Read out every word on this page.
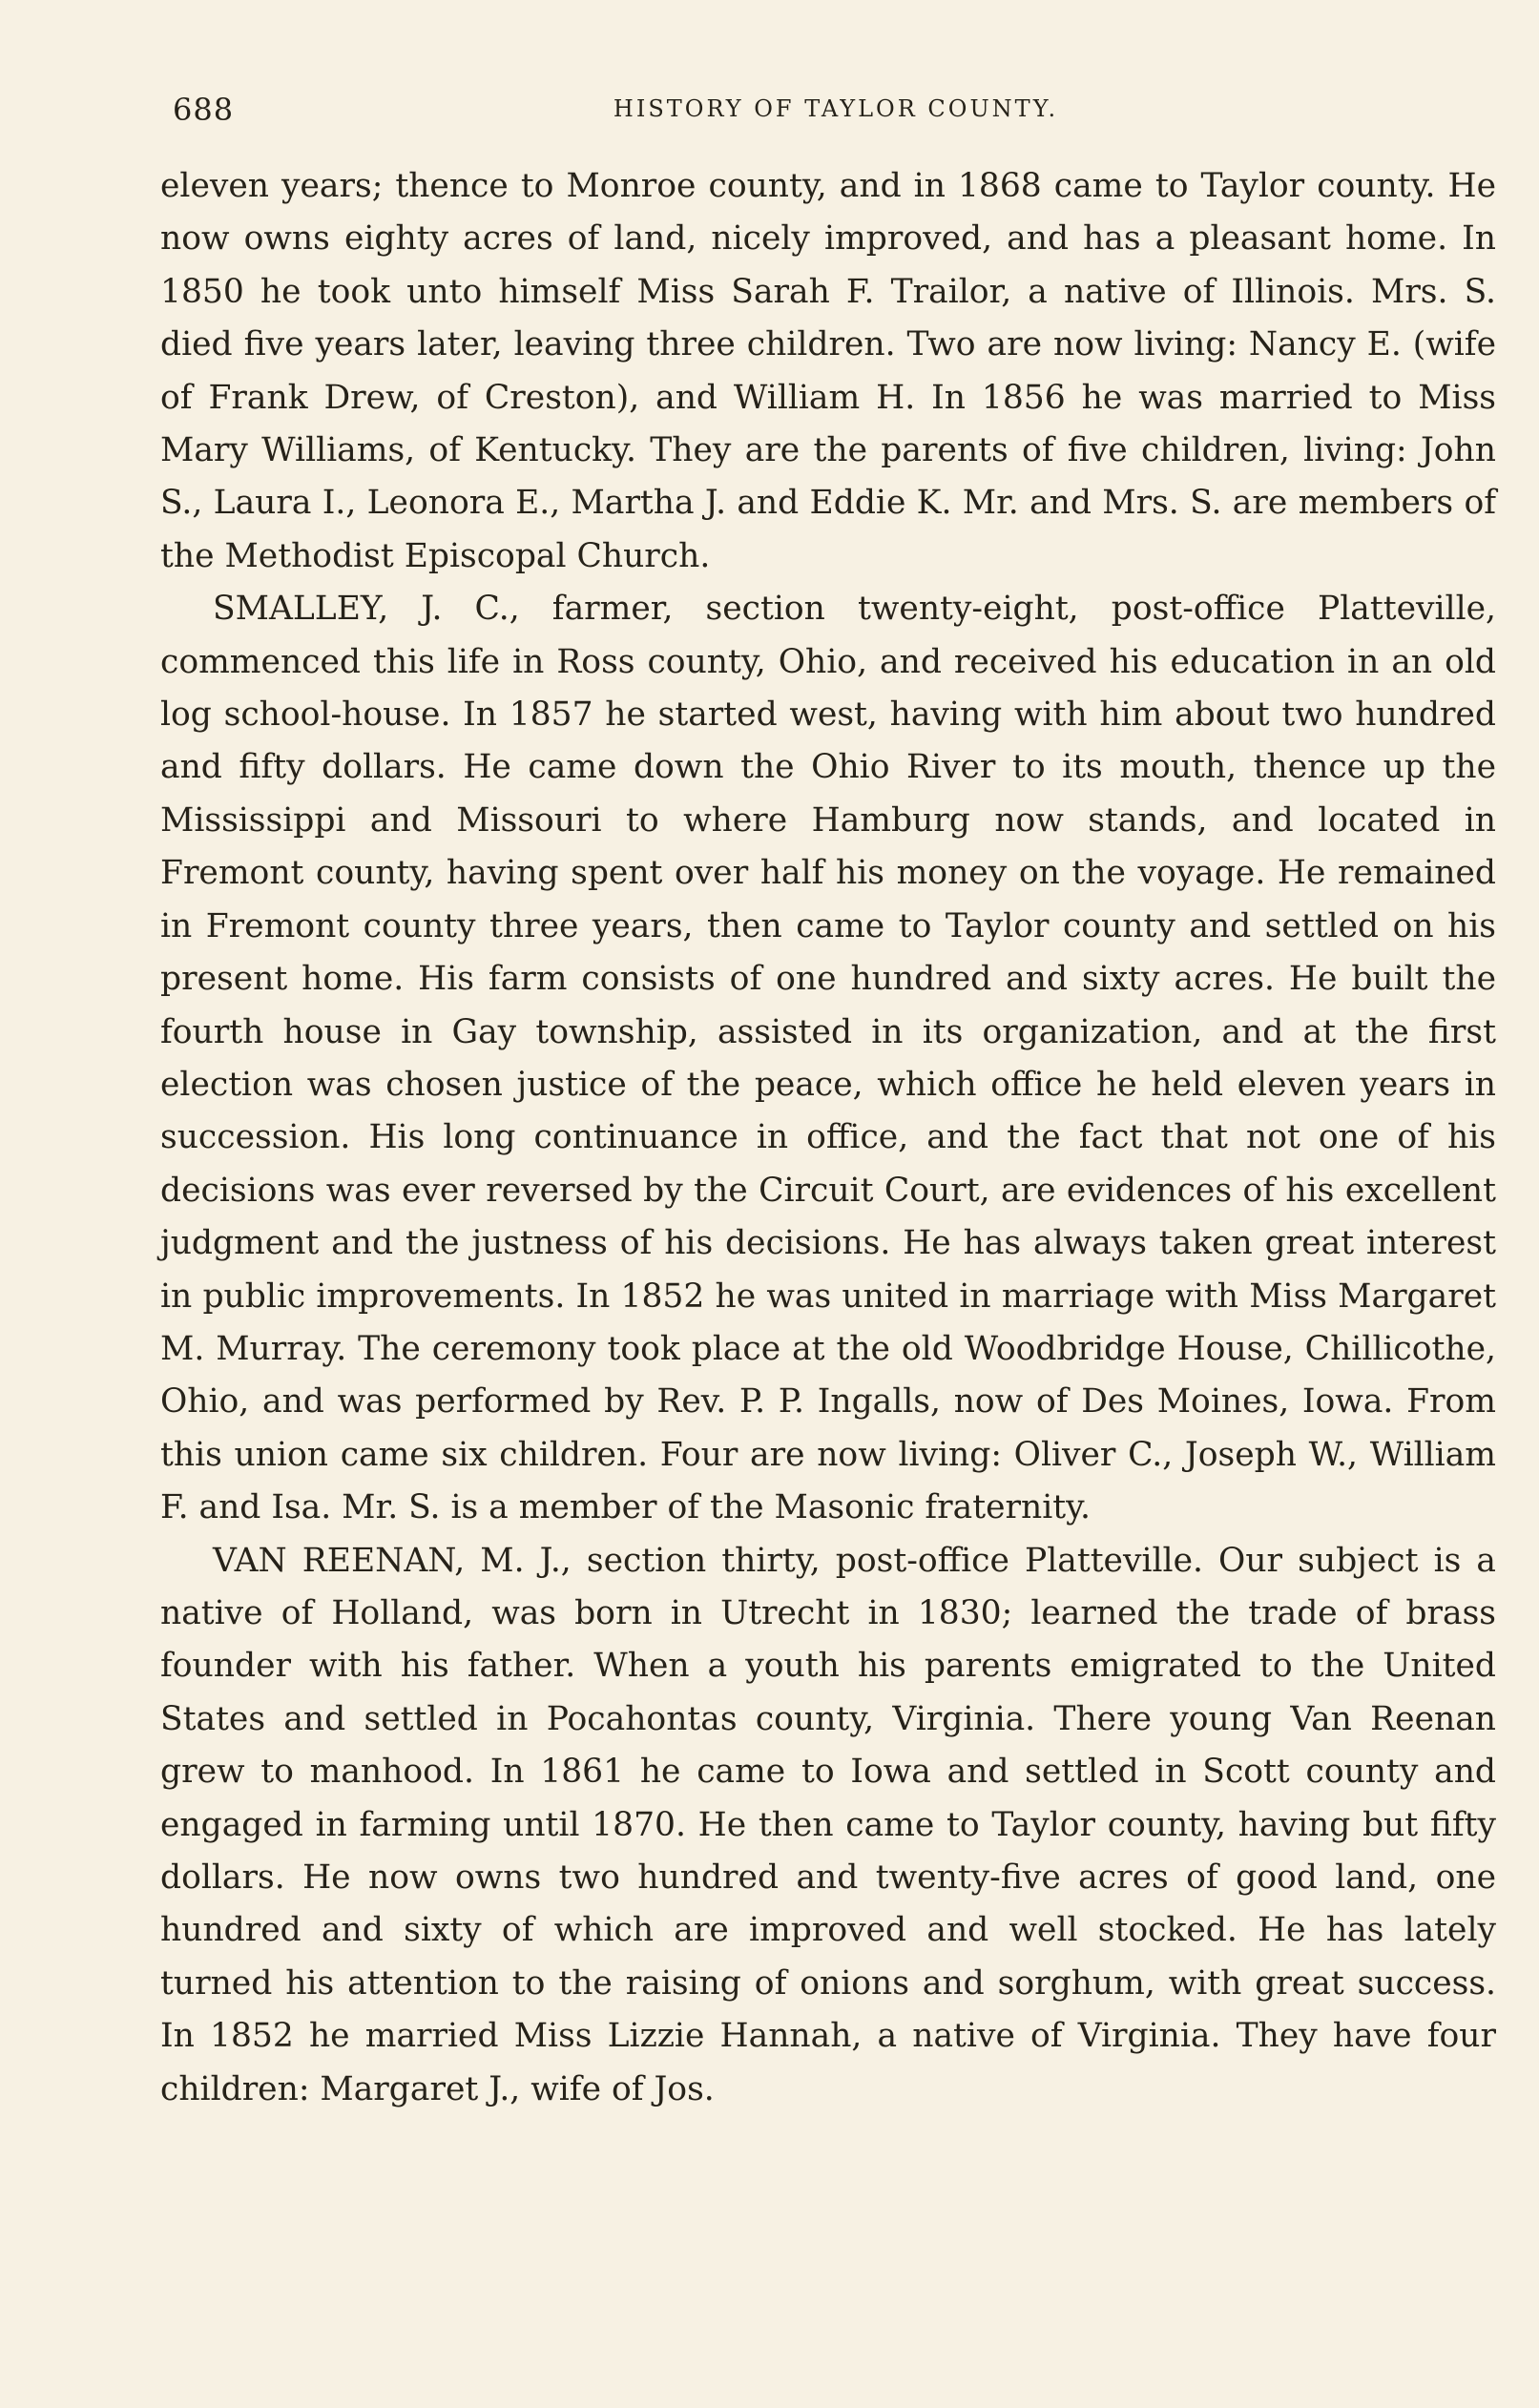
688	HISTORY OF TAYLOR COUNTY.

eleven years; thence to Monroe county, and in 1868 came to Taylor county. He now owns eighty acres of land, nicely improved, and has a pleasant home. In 1850 he took unto himself Miss Sarah F. Trailor, a native of Illinois. Mrs. S. died five years later, leaving three children. Two are now living: Nancy E. (wife of Frank Drew, of Creston), and William H. In 1856 he was married to Miss Mary Williams, of Kentucky. They are the parents of five children, living: John S., Laura I., Leonora E., Martha J. and Eddie K. Mr. and Mrs. S. are members of the Methodist Episcopal Church.

SMALLEY, J. C., farmer, section twenty-eight, post-office Platteville, commenced this life in Ross county, Ohio, and received his education in an old log school-house. In 1857 he started west, having with him about two hundred and fifty dollars. He came down the Ohio River to its mouth, thence up the Mississippi and Missouri to where Hamburg now stands, and located in Fremont county, having spent over half his money on the voyage. He remained in Fremont county three years, then came to Taylor county and settled on his present home. His farm consists of one hundred and sixty acres. He built the fourth house in Gay township, assisted in its organization, and at the first election was chosen justice of the peace, which office he held eleven years in succession. His long continuance in office, and the fact that not one of his decisions was ever reversed by the Circuit Court, are evidences of his excellent judgment and the justness of his decisions. He has always taken great interest in public improvements. In 1852 he was united in marriage with Miss Margaret M. Murray. The ceremony took place at the old Woodbridge House, Chillicothe, Ohio, and was performed by Rev. P. P. Ingalls, now of Des Moines, Iowa. From this union came six children. Four are now living: Oliver C., Joseph W., William F. and Isa. Mr. S. is a member of the Masonic fraternity.

VAN REENAN, M. J., section thirty, post-office Platteville. Our subject is a native of Holland, was born in Utrecht in 1830; learned the trade of brass founder with his father. When a youth his parents emigrated to the United States and settled in Pocahontas county, Virginia. There young Van Reenan grew to manhood. In 1861 he came to Iowa and settled in Scott county and engaged in farming until 1870. He then came to Taylor county, having but fifty dollars. He now owns two hundred and twenty-five acres of good land, one hundred and sixty of which are improved and well stocked. He has lately turned his attention to the raising of onions and sorghum, with great success. In 1852 he married Miss Lizzie Hannah, a native of Virginia. They have four children: Margaret J., wife of Jos.
